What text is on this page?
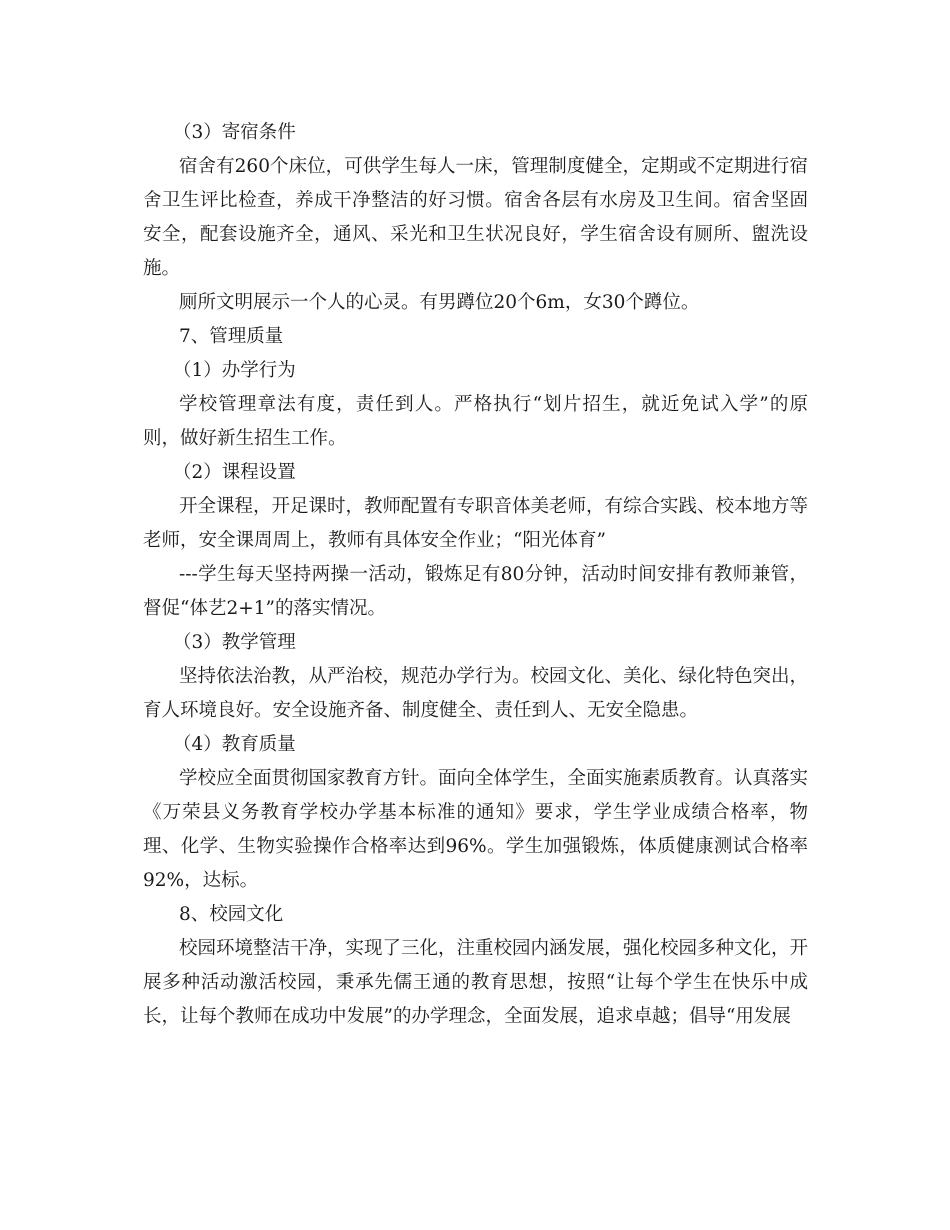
（3）寄宿条件

宿舍有260个床位，可供学生每人一床，管理制度健全，定期或不定期进行宿舍卫生评比检查，养成干净整洁的好习惯。宿舍各层有水房及卫生间。宿舍坚固安全，配套设施齐全，通风、采光和卫生状况良好，学生宿舍设有厕所、盥洗设施。

厕所文明展示一个人的心灵。有男蹲位20个6m，女30个蹲位。

7、管理质量

（1）办学行为

学校管理章法有度，责任到人。严格执行“划片招生，就近免试入学”的原则，做好新生招生工作。

（2）课程设置

开全课程，开足课时，教师配置有专职音体美老师，有综合实践、校本地方等老师，安全课周周上，教师有具体安全作业；“阳光体育”

---学生每天坚持两操一活动，锻炼足有80分钟，活动时间安排有教师兼管，督促“体艺2+1”的落实情况。

（3）教学管理

坚持依法治教，从严治校，规范办学行为。校园文化、美化、绿化特色突出，育人环境良好。安全设施齐备、制度健全、责任到人、无安全隐患。

（4）教育质量

学校应全面贯彻国家教育方针。面向全体学生，全面实施素质教育。认真落实《万荣县义务教育学校办学基本标准的通知》要求，学生学业成绩合格率，物理、化学、生物实验操作合格率达到96%。学生加强锻炼，体质健康测试合格率92%，达标。

8、校园文化

校园环境整洁干净，实现了三化，注重校园内涵发展，强化校园多种文化，开展多种活动激活校园，秉承先儒王通的教育思想，按照“让每个学生在快乐中成长，让每个教师在成功中发展”的办学理念，全面发展，追求卓越；倡导“用发展
